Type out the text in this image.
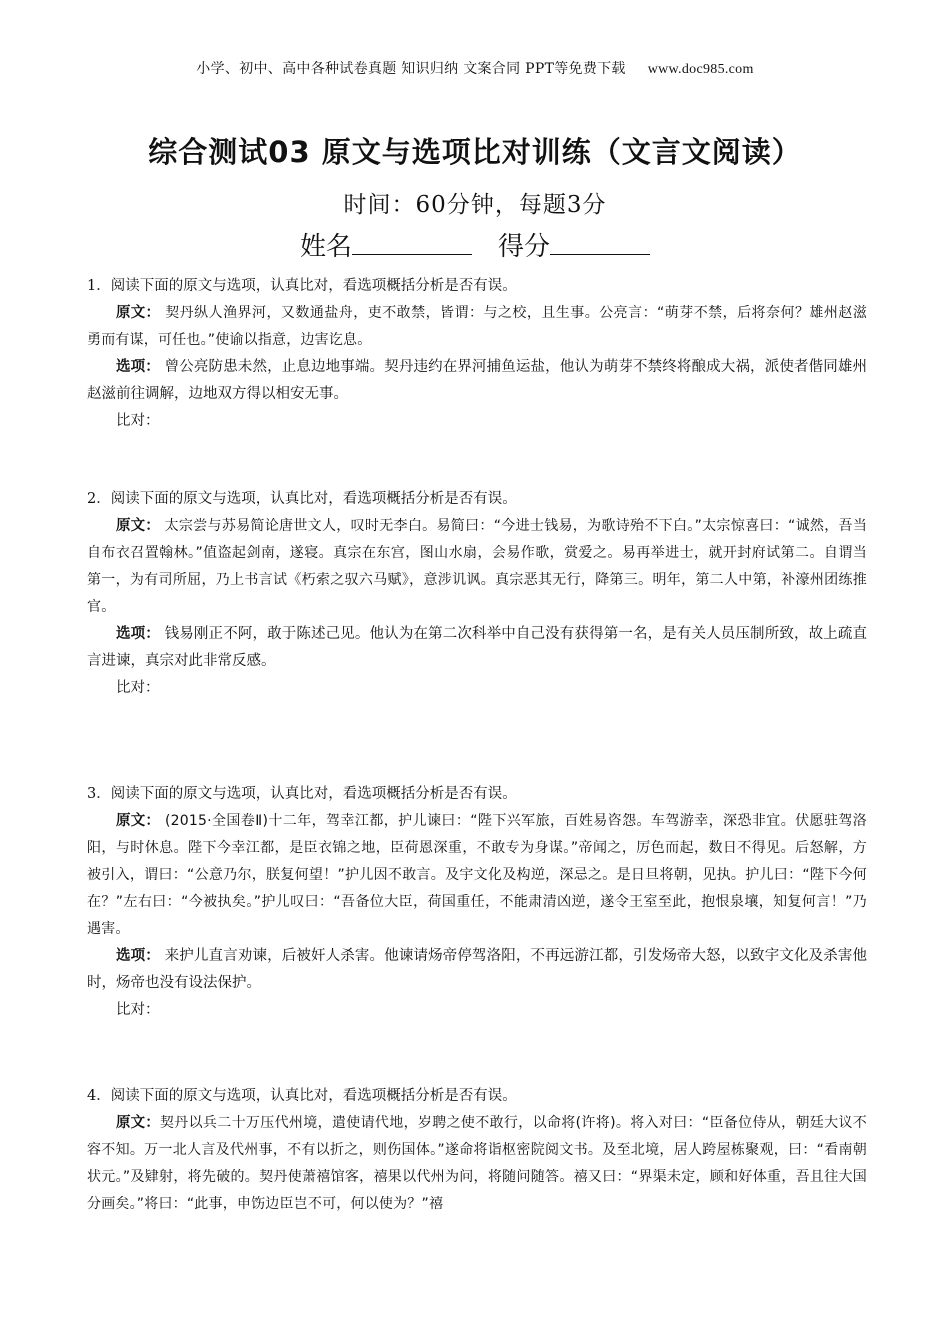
小学、初中、高中各种试卷真题 知识归纳 文案合同 PPT等免费下载 www.doc985.com
综合测试03 原文与选项比对训练（文言文阅读）
时间：60分钟，每题3分
姓名	得分

1．阅读下面的原文与选项，认真比对，看选项概括分析是否有误。

原文： 契丹纵人渔界河，又数通盐舟，吏不敢禁，皆谓：与之校，且生事。公亮言：“萌芽不禁，后将奈何？雄州赵滋勇而有谋，可任也。”使谕以指意，边害讫息。

选项： 曾公亮防患未然，止息边地事端。契丹违约在界河捕鱼运盐，他认为萌芽不禁终将酿成大祸，派使者偕同雄州赵滋前往调解，边地双方得以相安无事。

比对：

2．阅读下面的原文与选项，认真比对，看选项概括分析是否有误。

原文： 太宗尝与苏易简论唐世文人，叹时无李白。易简曰：“今进士钱易，为歌诗殆不下白。”太宗惊喜曰：“诚然，吾当自布衣召置翰林。”值盗起剑南，遂寝。真宗在东宫，图山水扇，会易作歌，赏爱之。易再举进士，就开封府试第二。自谓当第一，为有司所屈，乃上书言试《朽索之驭六马赋》，意涉讥讽。真宗恶其无行，降第三。明年，第二人中第，补濠州团练推官。

选项： 钱易刚正不阿，敢于陈述己见。他认为在第二次科举中自己没有获得第一名，是有关人员压制所致，故上疏直言进谏，真宗对此非常反感。

比对：

3．阅读下面的原文与选项，认真比对，看选项概括分析是否有误。

原文： (2015·全国卷Ⅱ)十二年，驾幸江都，护儿谏曰：“陛下兴军旅，百姓易咨怨。车驾游幸，深恐非宜。伏愿驻驾洛阳，与时休息。陛下今幸江都，是臣衣锦之地，臣荷恩深重，不敢专为身谋。”帝闻之，厉色而起，数日不得见。后怒解，方被引入，谓曰：“公意乃尔，朕复何望！”护儿因不敢言。及宇文化及构逆，深忌之。是日旦将朝，见执。护儿曰：“陛下今何在？”左右曰：“今被执矣。”护儿叹曰：“吾备位大臣，荷国重任，不能肃清凶逆，遂令王室至此，抱恨泉壤，知复何言！”乃遇害。

选项： 来护儿直言劝谏，后被奸人杀害。他谏请炀帝停驾洛阳，不再远游江都，引发炀帝大怒，以致宇文化及杀害他时，炀帝也没有设法保护。

比对：

4．阅读下面的原文与选项，认真比对，看选项概括分析是否有误。

原文：契丹以兵二十万压代州境，遣使请代地，岁聘之使不敢行，以命将(许将)。将入对曰：“臣备位侍从，朝廷大议不容不知。万一北人言及代州事，不有以折之，则伤国体。”遂命将诣枢密院阅文书。及至北境，居人跨屋栋聚观，曰：“看南朝状元。”及肄射，将先破的。契丹使萧禧馆客，禧果以代州为问，将随问随答。禧又曰：“界渠未定，顾和好体重，吾且往大国分画矣。”将曰：“此事，申饬边臣岂不可，何以使为？”禧
